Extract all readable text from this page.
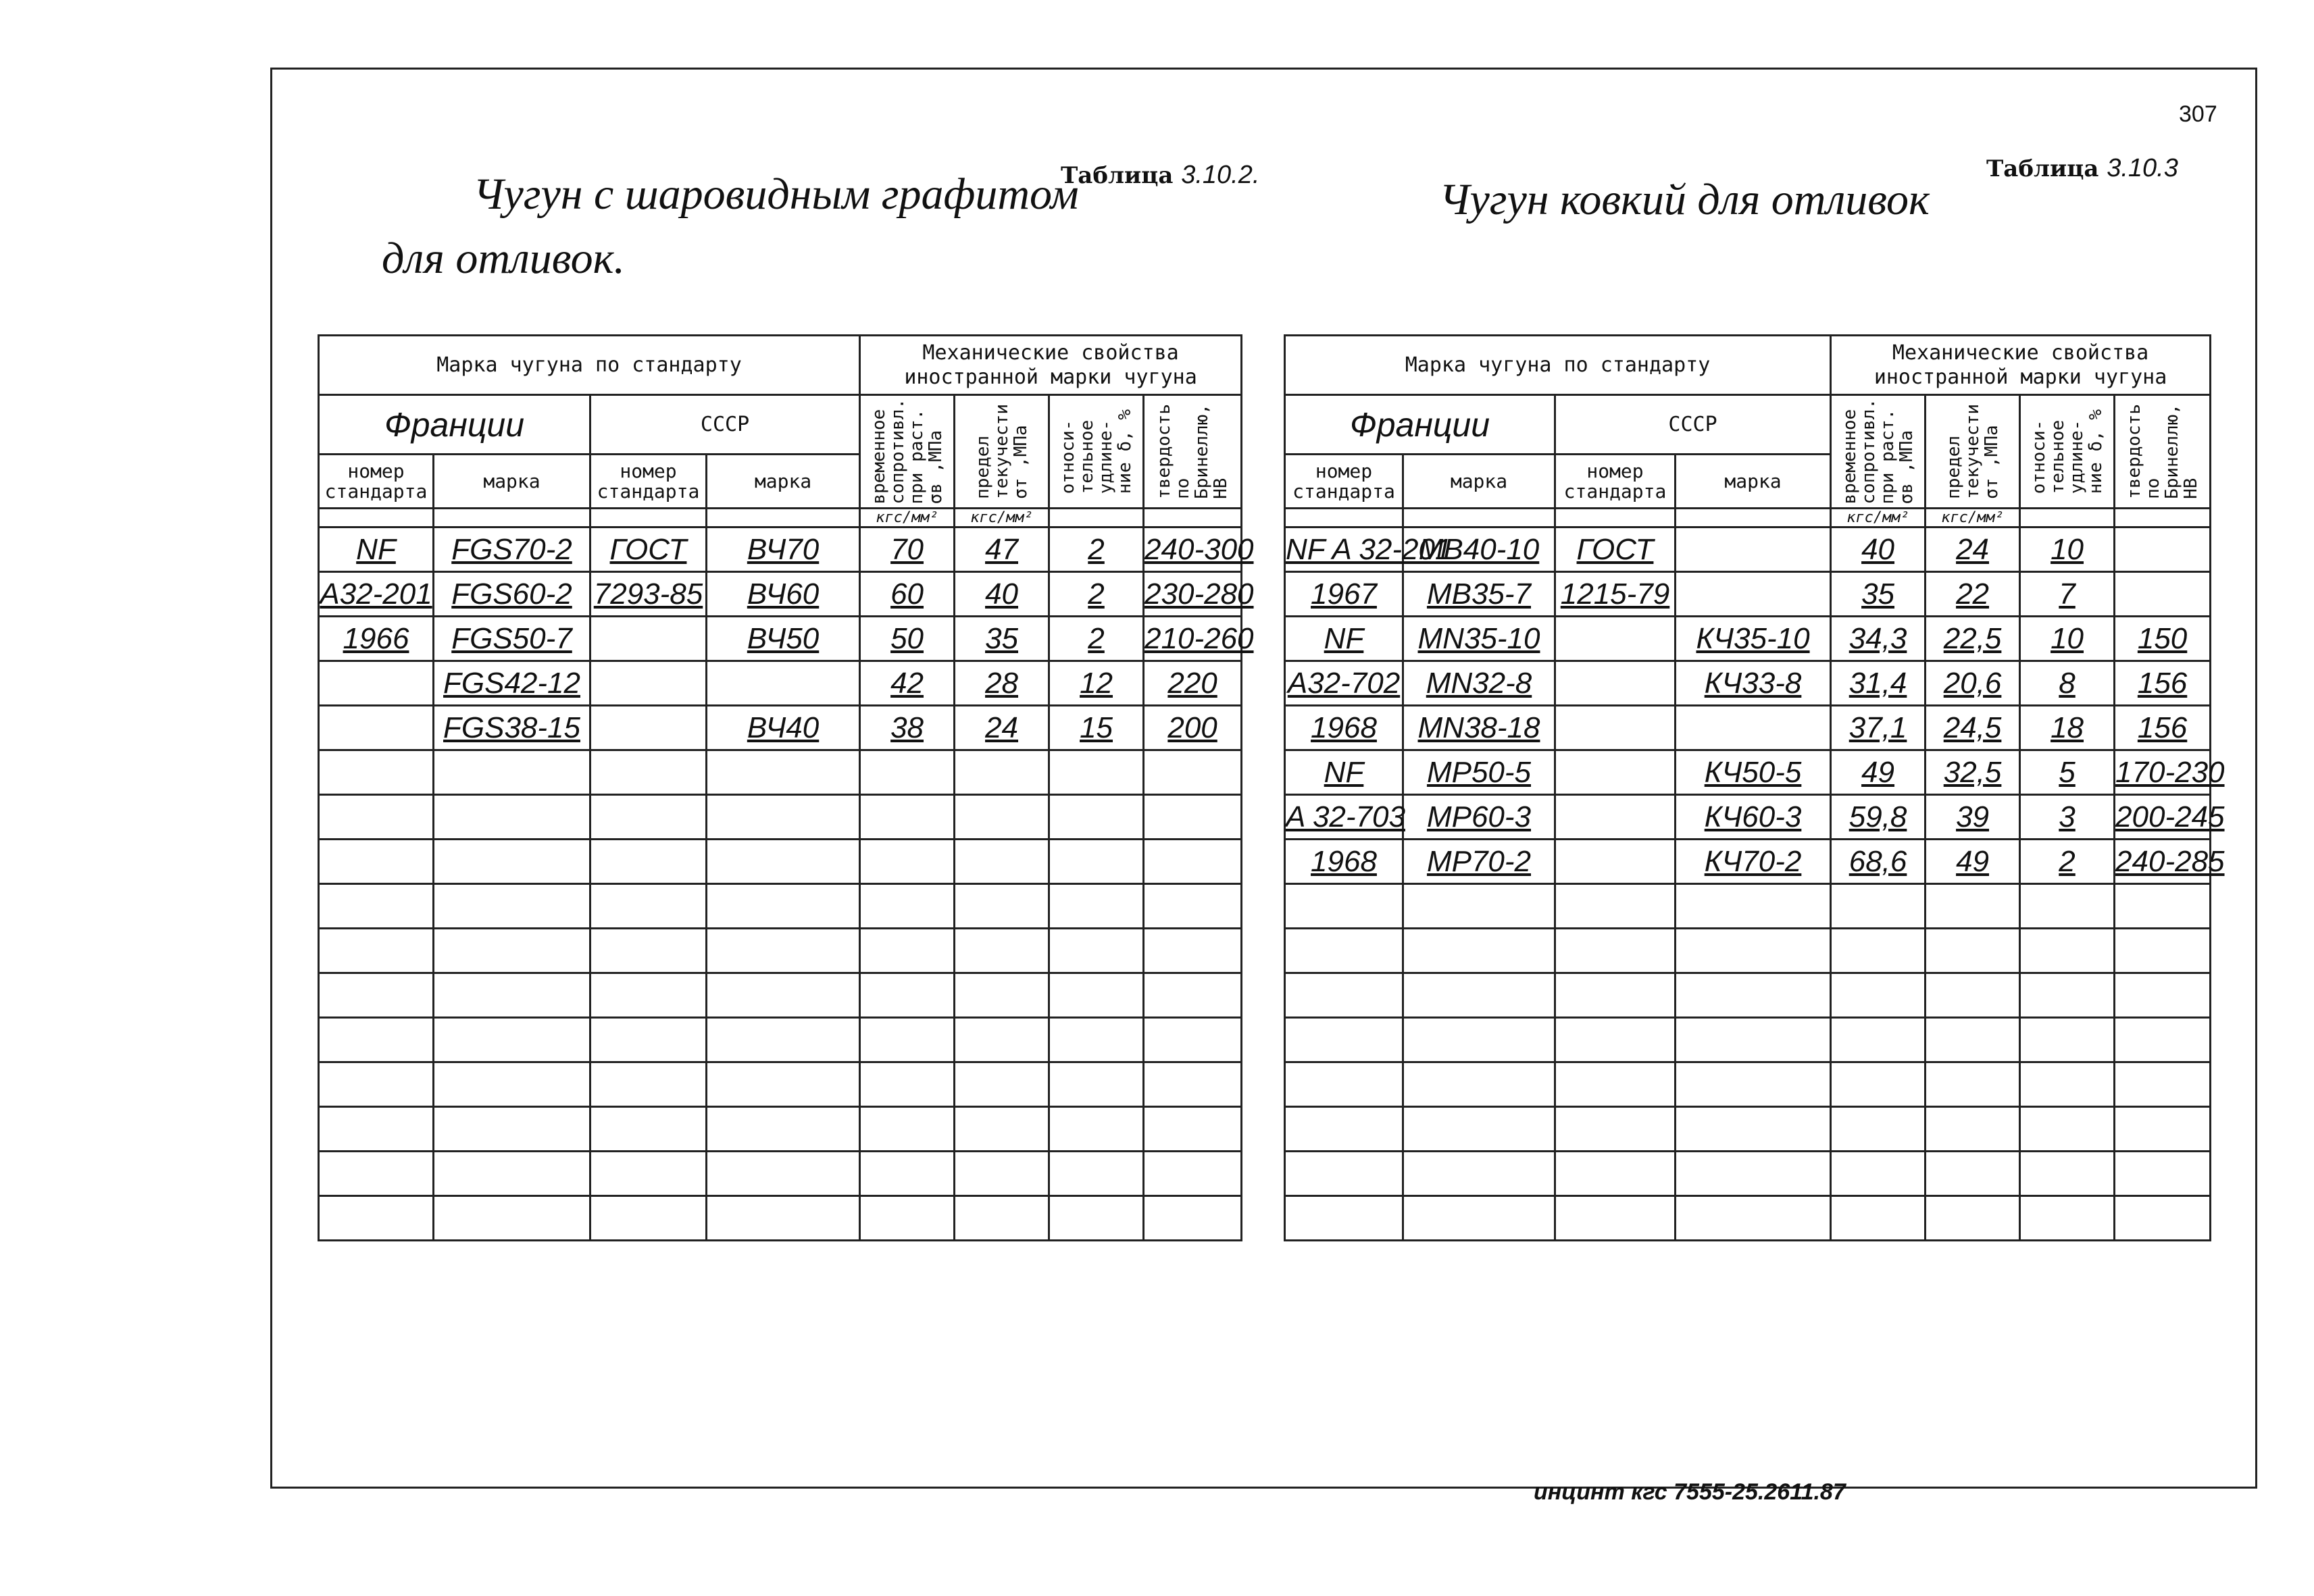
307
Таблица 3.10.2.
Чугун с шаровидным графитом
для отливок.
Таблица 3.10.3
Чугун ковкий для отливок
Марка чугуна по стандарту				Механические свойства иностранной марки чугуна			
Франции		СССР		временное
сопротивл.
при раст.
σв ,МПа	предел
текучести
σт ,МПа	относи-
тельное
удлине-
ние δ, %	твердость
по
Бринеллю,
НВ

номер стандарта	марка	номер стандарта	марка				
				кгс/мм²	кгс/мм²		
NF	FGS70-2	ГОСТ	ВЧ70	70	47	2	240-300
A32-201	FGS60-2	7293-85	ВЧ60	60	40	2	230-280
1966	FGS50-7		ВЧ50	50	35	2	210-260
	FGS42-12			42	28	12	220
	FGS38-15		ВЧ40	38	24	15	200

Марка чугуна по стандарту				Механические свойства иностранной марки чугуна			
Франции		СССР		временное
сопротивл.
при раст.
σв ,МПа	предел
текучести
σт ,МПа	относи-
тельное
удлине-
ние δ, %	твердость
по
Бринеллю,
НВ

номер стандарта	марка	номер стандарта	марка				
				кгс/мм²	кгс/мм²		
NF A 32-201	MB40-10	ГОСТ		40	24	10	
1967	MB35-7	1215-79		35	22	7	
NF	MN35-10		КЧ35-10	34,3	22,5	10	150
A32-702	MN32-8		КЧ33-8	31,4	20,6	8	156
1968	MN38-18			37,1	24,5	18	156
NF	MP50-5		КЧ50-5	49	32,5	5	170-230
A 32-703	MP60-3		КЧ60-3	59,8	39	3	200-245
1968	MP70-2		КЧ70-2	68,6	49	2	240-285

инцинт кгс 7555-25.2611.87
